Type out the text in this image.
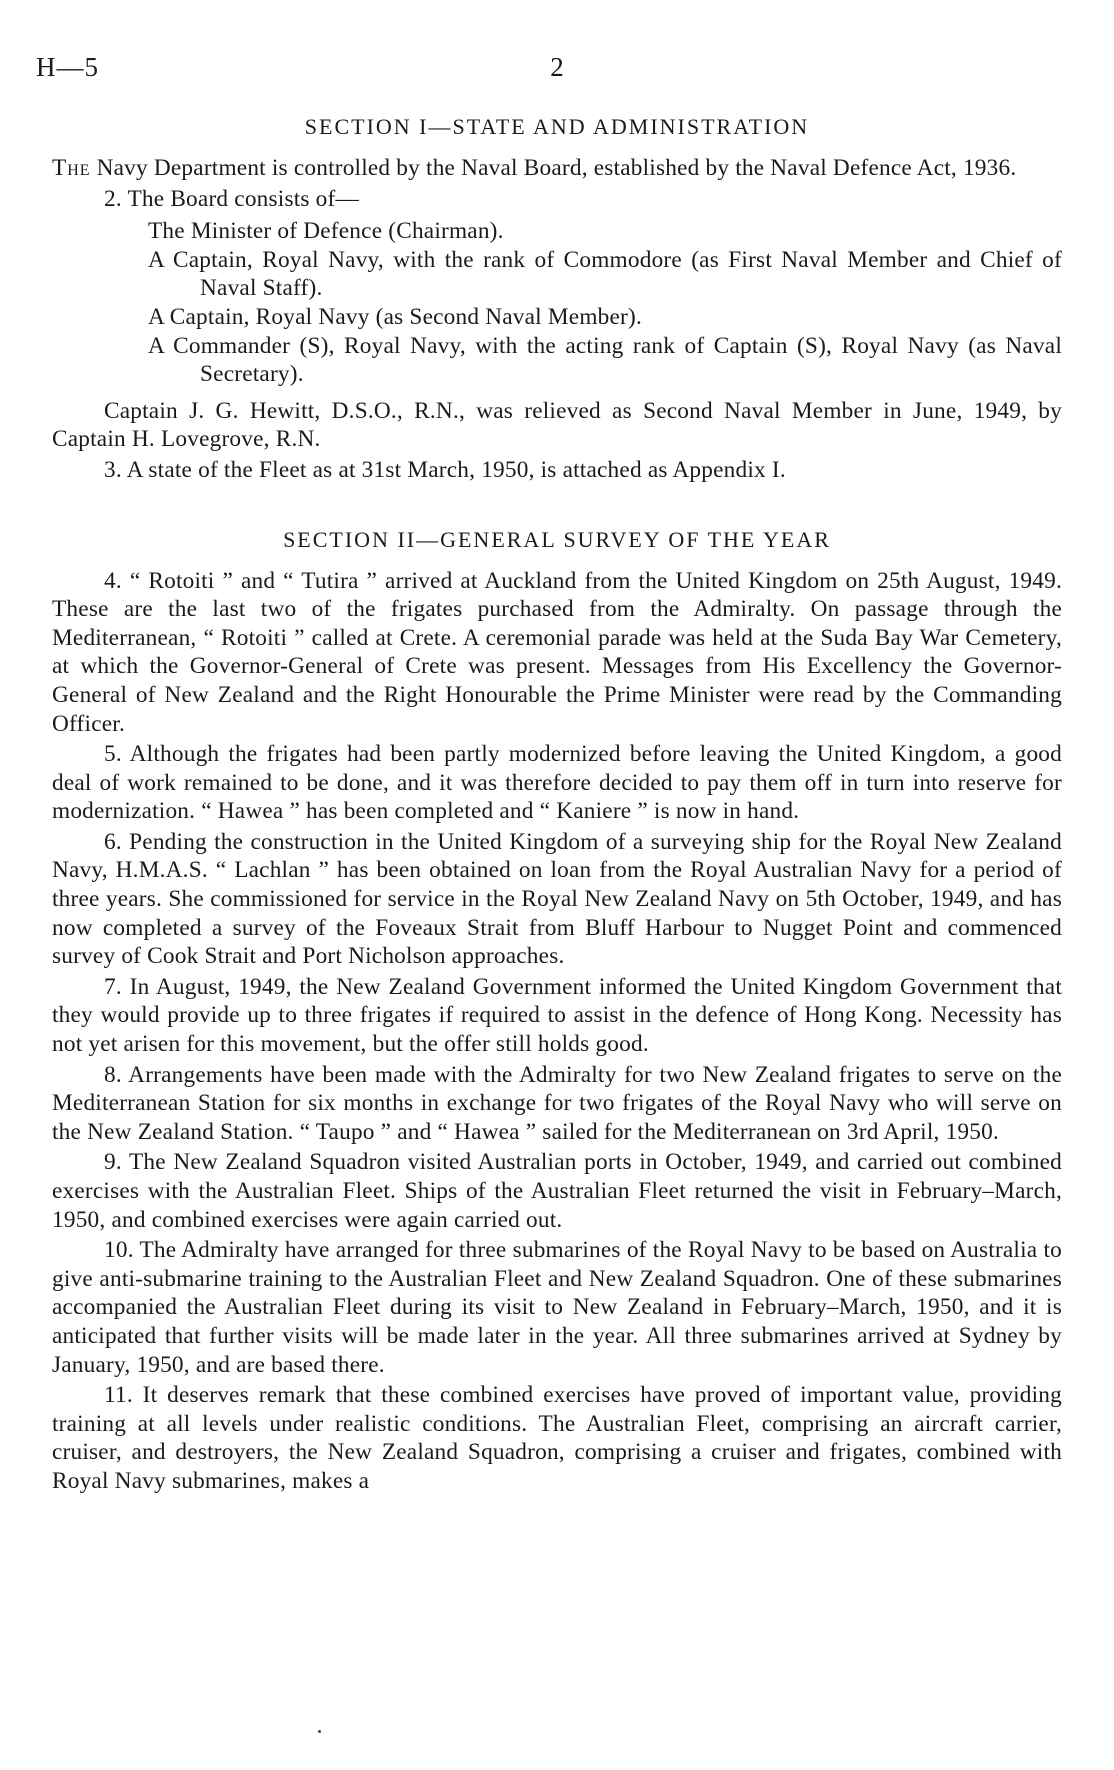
H—5	2
SECTION I—STATE AND ADMINISTRATION

The Navy Department is controlled by the Naval Board, established by the Naval Defence Act, 1936.

2. The Board consists of—

The Minister of Defence (Chairman).
A Captain, Royal Navy, with the rank of Commodore (as First Naval Member and Chief of Naval Staff).
A Captain, Royal Navy (as Second Naval Member).
A Commander (S), Royal Navy, with the acting rank of Captain (S), Royal Navy (as Naval Secretary).

Captain J. G. Hewitt, D.S.O., R.N., was relieved as Second Naval Member in June, 1949, by Captain H. Lovegrove, R.N.

3. A state of the Fleet as at 31st March, 1950, is attached as Appendix I.

SECTION II—GENERAL SURVEY OF THE YEAR

4. “ Rotoiti ” and “ Tutira ” arrived at Auckland from the United Kingdom on 25th August, 1949. These are the last two of the frigates purchased from the Admiralty. On passage through the Mediterranean, “ Rotoiti ” called at Crete. A ceremonial parade was held at the Suda Bay War Cemetery, at which the Governor-General of Crete was present. Messages from His Excellency the Governor-General of New Zealand and the Right Honourable the Prime Minister were read by the Commanding Officer.

5. Although the frigates had been partly modernized before leaving the United Kingdom, a good deal of work remained to be done, and it was therefore decided to pay them off in turn into reserve for modernization. “ Hawea ” has been completed and “ Kaniere ” is now in hand.

6. Pending the construction in the United Kingdom of a surveying ship for the Royal New Zealand Navy, H.M.A.S. “ Lachlan ” has been obtained on loan from the Royal Australian Navy for a period of three years. She commissioned for service in the Royal New Zealand Navy on 5th October, 1949, and has now completed a survey of the Foveaux Strait from Bluff Harbour to Nugget Point and commenced survey of Cook Strait and Port Nicholson approaches.

7. In August, 1949, the New Zealand Government informed the United Kingdom Government that they would provide up to three frigates if required to assist in the defence of Hong Kong. Necessity has not yet arisen for this movement, but the offer still holds good.

8. Arrangements have been made with the Admiralty for two New Zealand frigates to serve on the Mediterranean Station for six months in exchange for two frigates of the Royal Navy who will serve on the New Zealand Station. “ Taupo ” and “ Hawea ” sailed for the Mediterranean on 3rd April, 1950.

9. The New Zealand Squadron visited Australian ports in October, 1949, and carried out combined exercises with the Australian Fleet. Ships of the Australian Fleet returned the visit in February–March, 1950, and combined exercises were again carried out.

10. The Admiralty have arranged for three submarines of the Royal Navy to be based on Australia to give anti-submarine training to the Australian Fleet and New Zealand Squadron. One of these submarines accompanied the Australian Fleet during its visit to New Zealand in February–March, 1950, and it is anticipated that further visits will be made later in the year. All three submarines arrived at Sydney by January, 1950, and are based there.

11. It deserves remark that these combined exercises have proved of important value, providing training at all levels under realistic conditions. The Australian Fleet, comprising an aircraft carrier, cruiser, and destroyers, the New Zealand Squadron, comprising a cruiser and frigates, combined with Royal Navy submarines, makes a
